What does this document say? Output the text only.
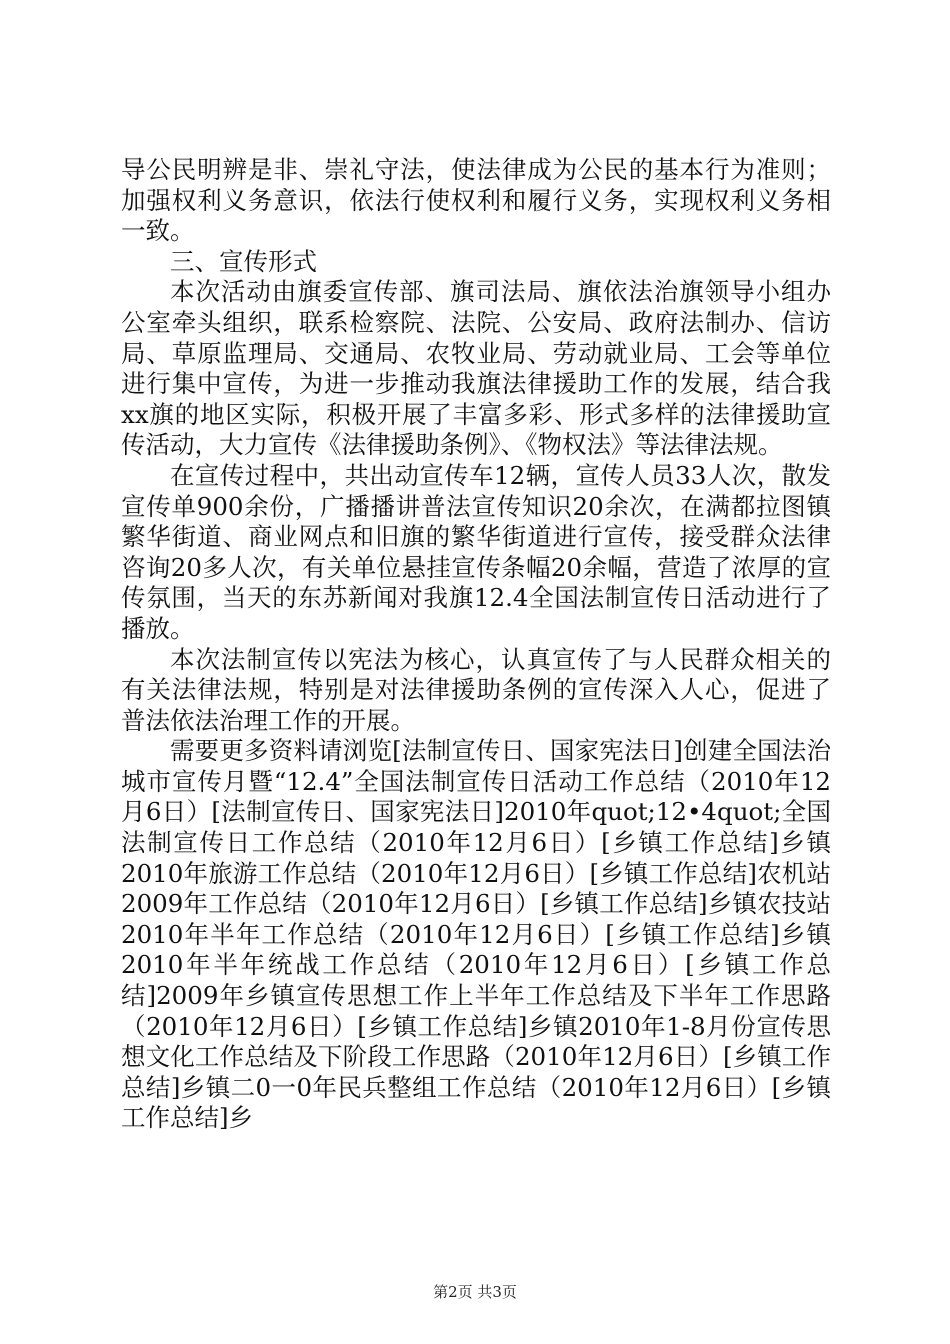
导公民明辨是非、崇礼守法，使法律成为公民的基本行为准则；加强权利义务意识，依法行使权利和履行义务，实现权利义务相一致。

三、宣传形式

本次活动由旗委宣传部、旗司法局、旗依法治旗领导小组办公室牵头组织，联系检察院、法院、公安局、政府法制办、信访局、草原监理局、交通局、农牧业局、劳动就业局、工会等单位进行集中宣传，为进一步推动我旗法律援助工作的发展，结合我xx旗的地区实际，积极开展了丰富多彩、形式多样的法律援助宣传活动，大力宣传《法律援助条例》、《物权法》等法律法规。

在宣传过程中，共出动宣传车12辆，宣传人员33人次，散发宣传单900余份，广播播讲普法宣传知识20余次，在满都拉图镇繁华街道、商业网点和旧旗的繁华街道进行宣传，接受群众法律咨询20多人次，有关单位悬挂宣传条幅20余幅，营造了浓厚的宣传氛围，当天的东苏新闻对我旗12.4全国法制宣传日活动进行了播放。

本次法制宣传以宪法为核心，认真宣传了与人民群众相关的有关法律法规，特别是对法律援助条例的宣传深入人心，促进了普法依法治理工作的开展。

需要更多资料请浏览[法制宣传日、国家宪法日]创建全国法治城市宣传月暨“12.4”全国法制宣传日活动工作总结（2010年12月6日）[法制宣传日、国家宪法日]2010年quot;12•4quot;全国法制宣传日工作总结（2010年12月6日）[乡镇工作总结]乡镇2010年旅游工作总结（2010年12月6日）[乡镇工作总结]农机站2009年工作总结（2010年12月6日）[乡镇工作总结]乡镇农技站2010年半年工作总结（2010年12月6日）[乡镇工作总结]乡镇2010年半年统战工作总结（2010年12月6日）[乡镇工作总结]2009年乡镇宣传思想工作上半年工作总结及下半年工作思路（2010年12月6日）[乡镇工作总结]乡镇2010年1-8月份宣传思想文化工作总结及下阶段工作思路（2010年12月6日）[乡镇工作总结]乡镇二0一0年民兵整组工作总结（2010年12月6日）[乡镇工作总结]乡

第2页 共3页
